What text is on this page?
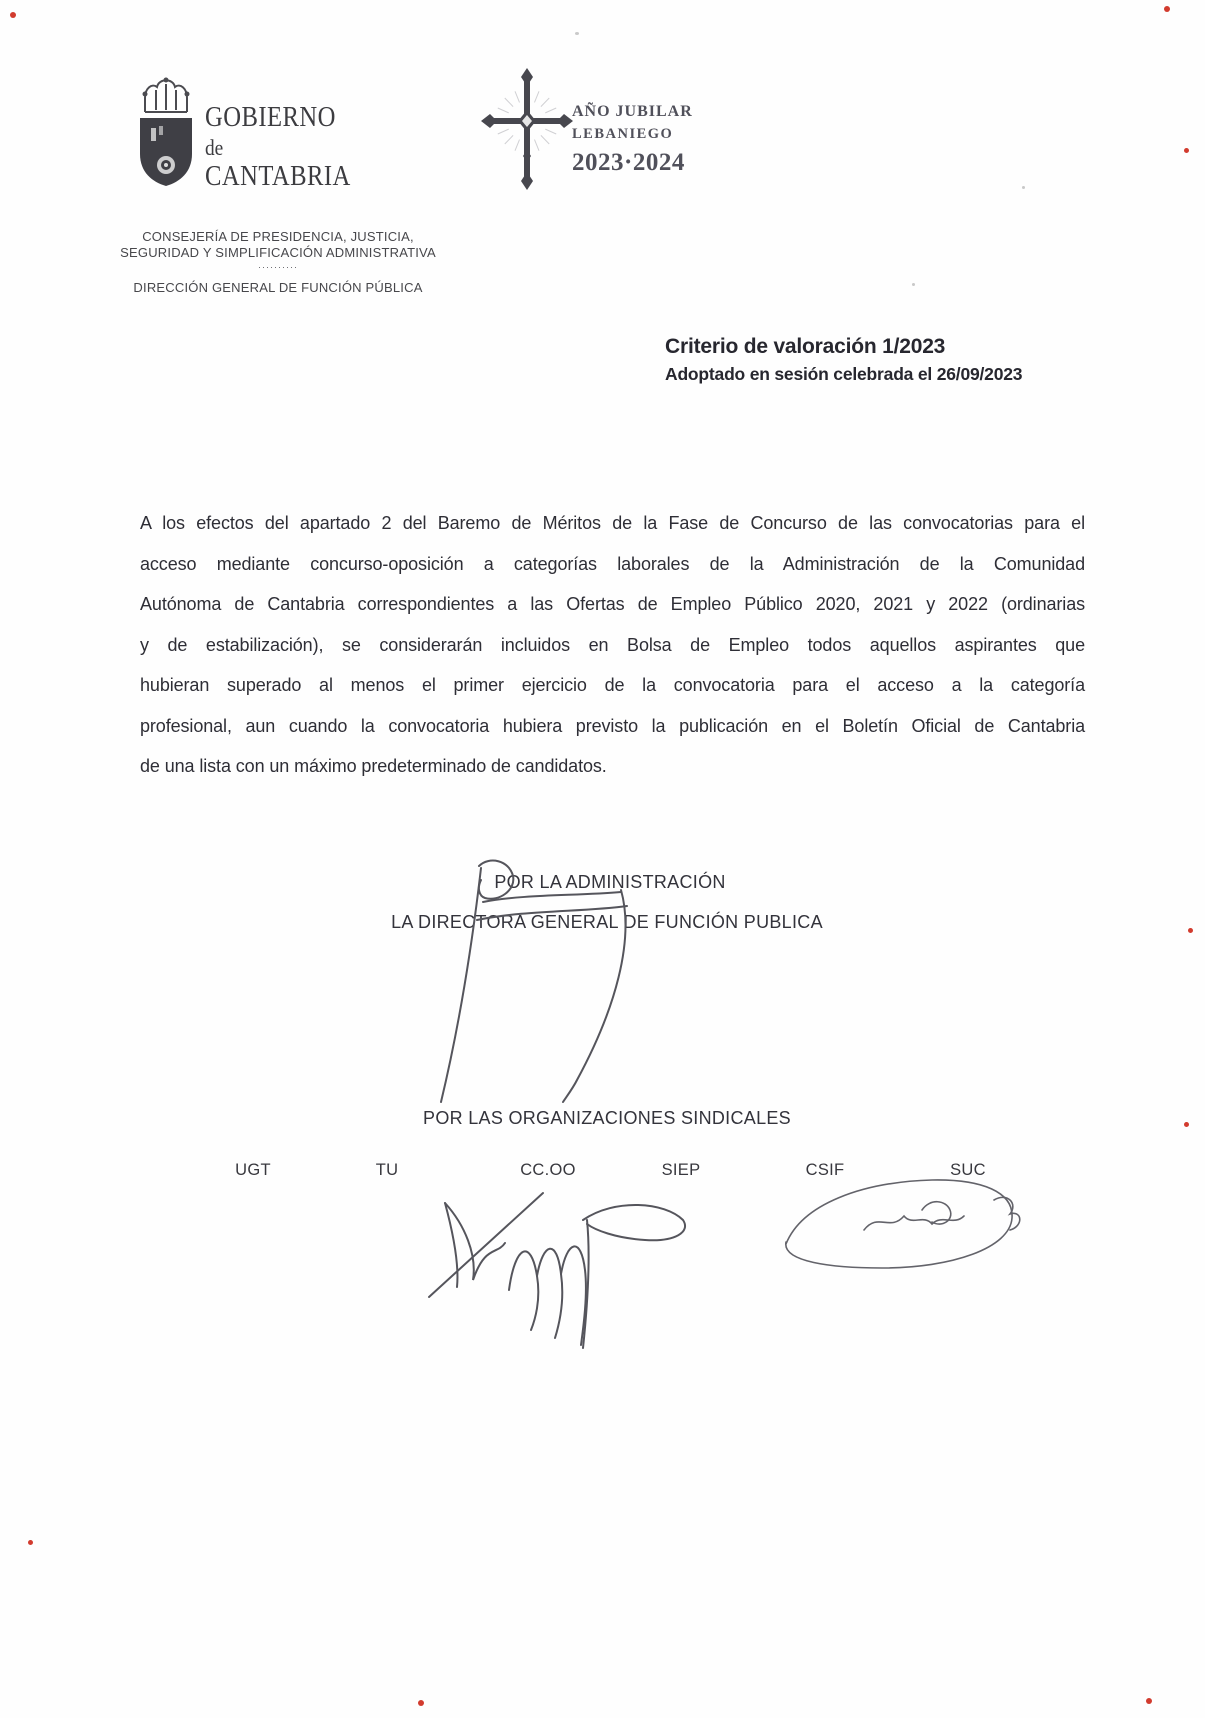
GOBIERNO
de
CANTABRIA
AÑO JUBILAR
LEBANIEGO
2023·2024
CONSEJERÍA DE PRESIDENCIA, JUSTICIA,
SEGURIDAD Y SIMPLIFICACIÓN ADMINISTRATIVA
··········
DIRECCIÓN GENERAL DE FUNCIÓN PÚBLICA
Criterio de valoración 1/2023
Adoptado en sesión celebrada el 26/09/2023
A los efectos del apartado 2 del Baremo de Méritos de la Fase de Concurso de las convocatorias para el
acceso mediante concurso-oposición a categorías laborales de la Administración de la Comunidad
Autónoma de Cantabria correspondientes a las Ofertas de Empleo Público 2020, 2021 y 2022 (ordinarias
y de estabilización), se considerarán incluidos en Bolsa de Empleo todos aquellos aspirantes que
hubieran superado al menos el primer ejercicio de la convocatoria para el acceso a la categoría
profesional, aun cuando la convocatoria hubiera previsto la publicación en el Boletín Oficial de Cantabria
de una lista con un máximo predeterminado de candidatos.
POR LA ADMINISTRACIÓN
LA DIRECTORA GENERAL DE FUNCIÓN PUBLICA
POR LAS ORGANIZACIONES SINDICALES
UGT	TU	CC.OO	SIEP	CSIF	SUC
